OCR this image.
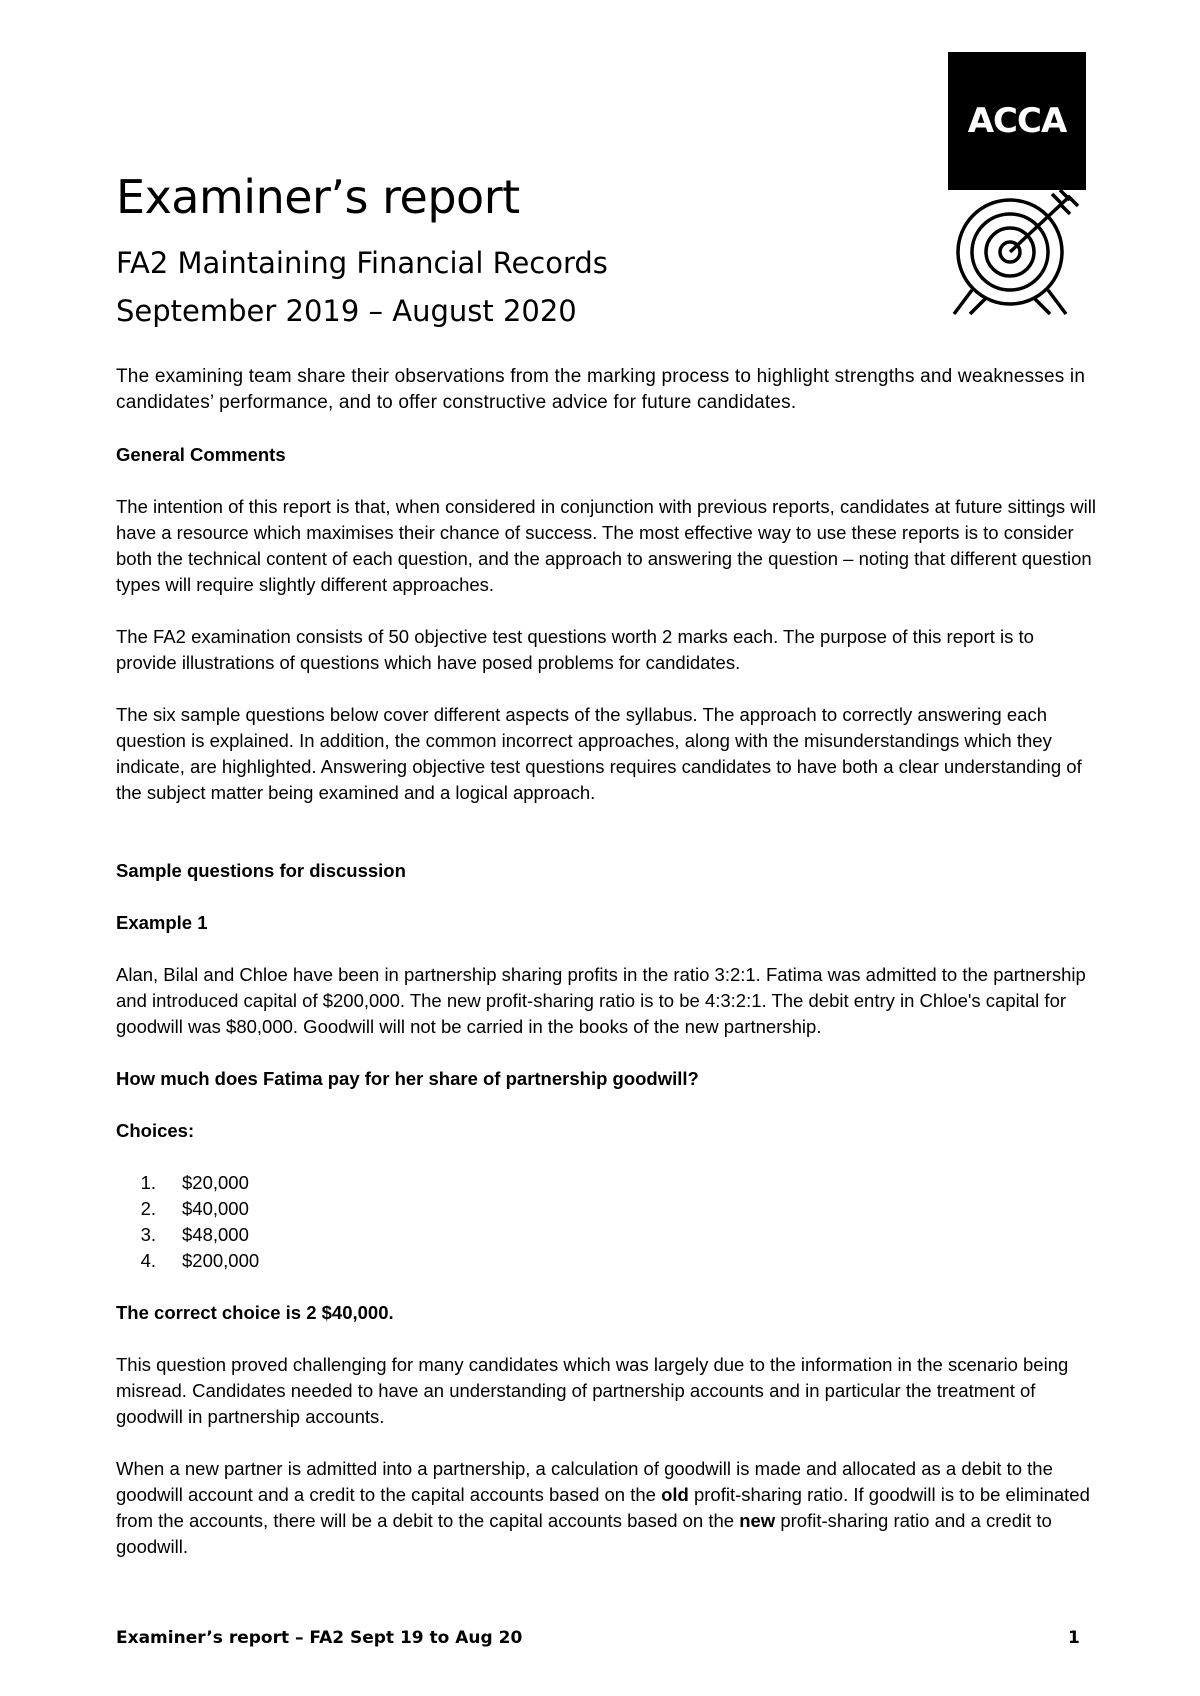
ACCA
Examiner’s report
FA2 Maintaining Financial Records
September 2019 – August 2020

The examining team share their observations from the marking process to highlight strengths and weaknesses in candidates’ performance, and to offer constructive advice for future candidates.

General Comments

The intention of this report is that, when considered in conjunction with previous reports, candidates at future sittings will have a resource which maximises their chance of success. The most effective way to use these reports is to consider both the technical content of each question, and the approach to answering the question – noting that different question types will require slightly different approaches.

The FA2 examination consists of 50 objective test questions worth 2 marks each. The purpose of this report is to provide illustrations of questions which have posed problems for candidates.

The six sample questions below cover different aspects of the syllabus. The approach to correctly answering each question is explained. In addition, the common incorrect approaches, along with the misunderstandings which they indicate, are highlighted. Answering objective test questions requires candidates to have both a clear understanding of the subject matter being examined and a logical approach.

Sample questions for discussion

Example 1

Alan, Bilal and Chloe have been in partnership sharing profits in the ratio 3:2:1. Fatima was admitted to the partnership and introduced capital of $200,000. The new profit-sharing ratio is to be 4:3:2:1. The debit entry in Chloe's capital for goodwill was $80,000. Goodwill will not be carried in the books of the new partnership.

How much does Fatima pay for her share of partnership goodwill?

Choices:

1. $20,000
2. $40,000
3. $48,000
4. $200,000

The correct choice is 2 $40,000.

This question proved challenging for many candidates which was largely due to the information in the scenario being misread. Candidates needed to have an understanding of partnership accounts and in particular the treatment of goodwill in partnership accounts.

When a new partner is admitted into a partnership, a calculation of goodwill is made and allocated as a debit to the goodwill account and a credit to the capital accounts based on the old profit-sharing ratio. If goodwill is to be eliminated from the accounts, there will be a debit to the capital accounts based on the new profit-sharing ratio and a credit to goodwill.

Examiner’s report – FA2 Sept 19 to Aug 20	1
